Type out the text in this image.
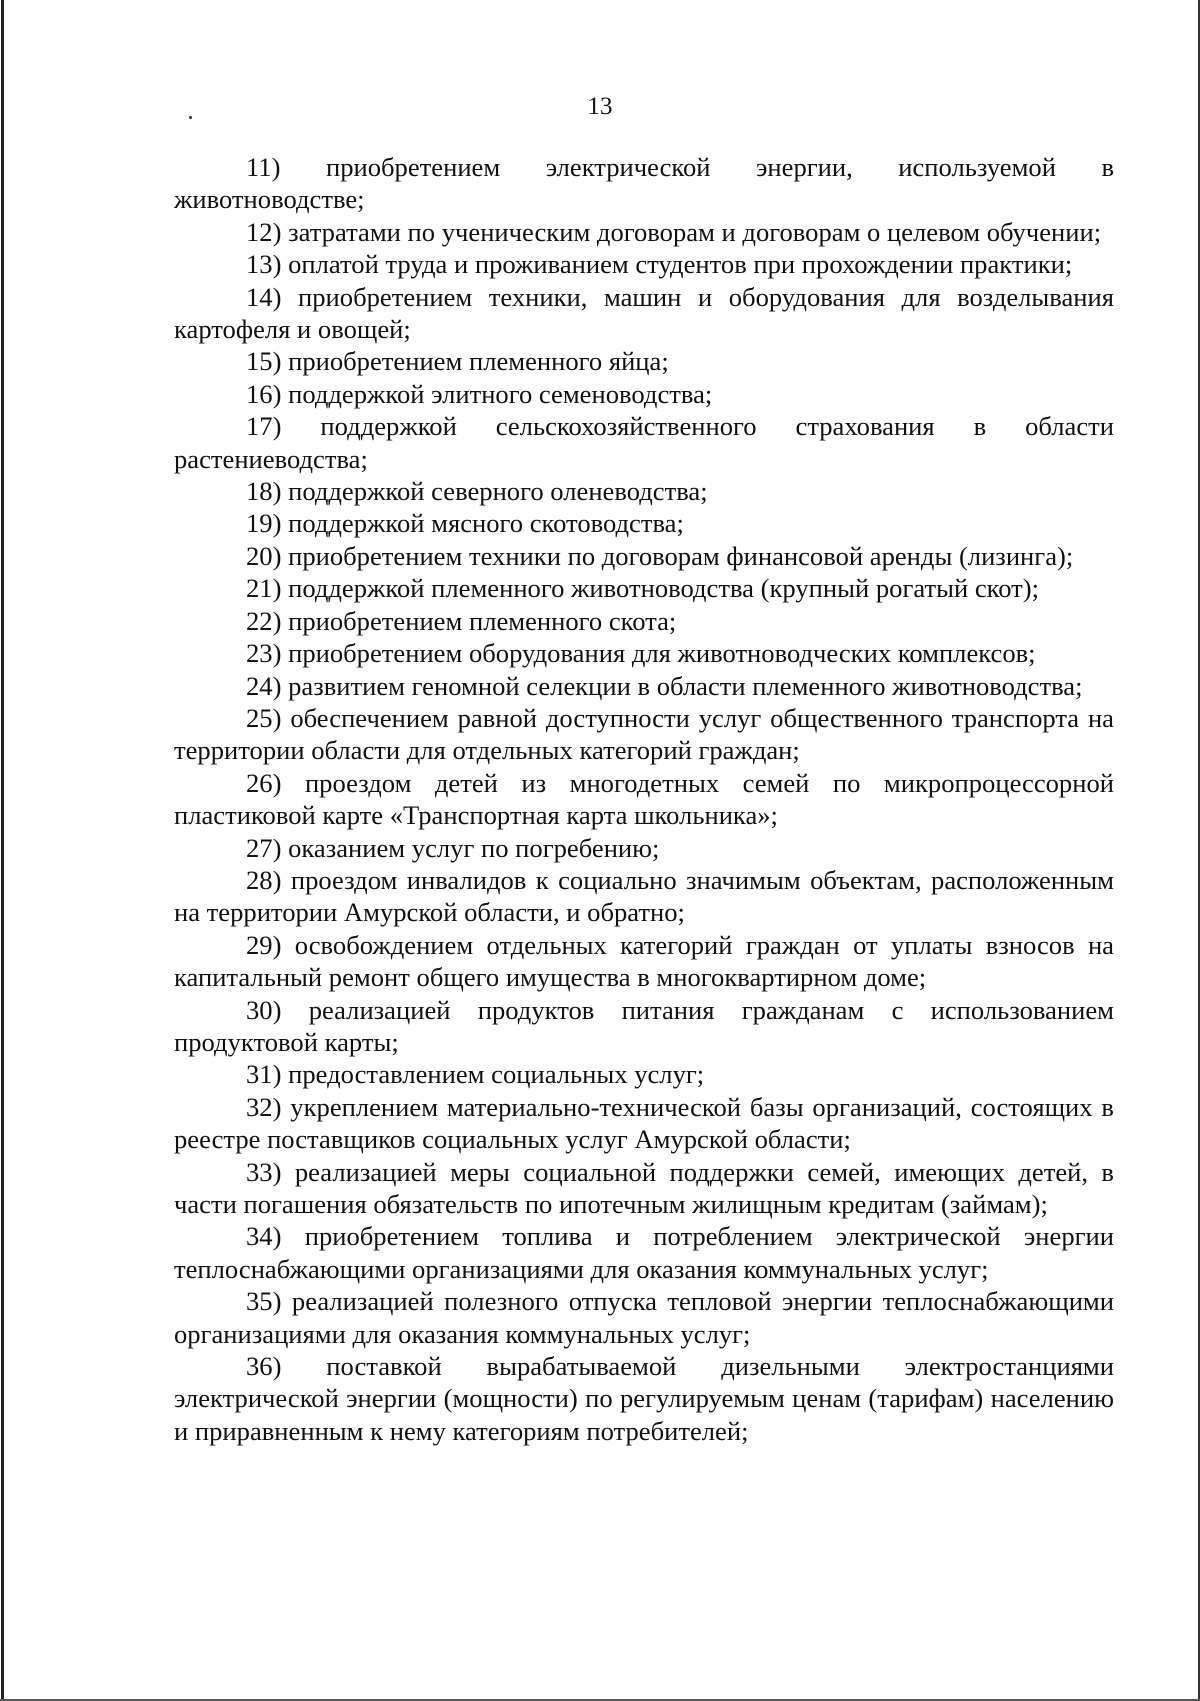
13

11) приобретением электрической энергии, используемой в животноводстве;

12) затратами по ученическим договорам и договорам о целевом обучении;

13) оплатой труда и проживанием студентов при прохождении практики;

14) приобретением техники, машин и оборудования для возделывания картофеля и овощей;

15) приобретением племенного яйца;

16) поддержкой элитного семеноводства;

17) поддержкой сельскохозяйственного страхования в области растениеводства;

18) поддержкой северного оленеводства;

19) поддержкой мясного скотоводства;

20) приобретением техники по договорам финансовой аренды (лизинга);

21) поддержкой племенного животноводства (крупный рогатый скот);

22) приобретением племенного скота;

23) приобретением оборудования для животноводческих комплексов;

24) развитием геномной селекции в области племенного животноводства;

25) обеспечением равной доступности услуг общественного транспорта на территории области для отдельных категорий граждан;

26) проездом детей из многодетных семей по микропроцессорной пластиковой карте «Транспортная карта школьника»;

27) оказанием услуг по погребению;

28) проездом инвалидов к социально значимым объектам, расположенным на территории Амурской области, и обратно;

29) освобождением отдельных категорий граждан от уплаты взносов на капитальный ремонт общего имущества в многоквартирном доме;

30) реализацией продуктов питания гражданам с использованием продуктовой карты;

31) предоставлением социальных услуг;

32) укреплением материально-технической базы организаций, состоящих в реестре поставщиков социальных услуг Амурской области;

33) реализацией меры социальной поддержки семей, имеющих детей, в части погашения обязательств по ипотечным жилищным кредитам (займам);

34) приобретением топлива и потреблением электрической энергии теплоснабжающими организациями для оказания коммунальных услуг;

35) реализацией полезного отпуска тепловой энергии теплоснабжающими организациями для оказания коммунальных услуг;

36) поставкой вырабатываемой дизельными электростанциями электрической энергии (мощности) по регулируемым ценам (тарифам) населению и приравненным к нему категориям потребителей;
